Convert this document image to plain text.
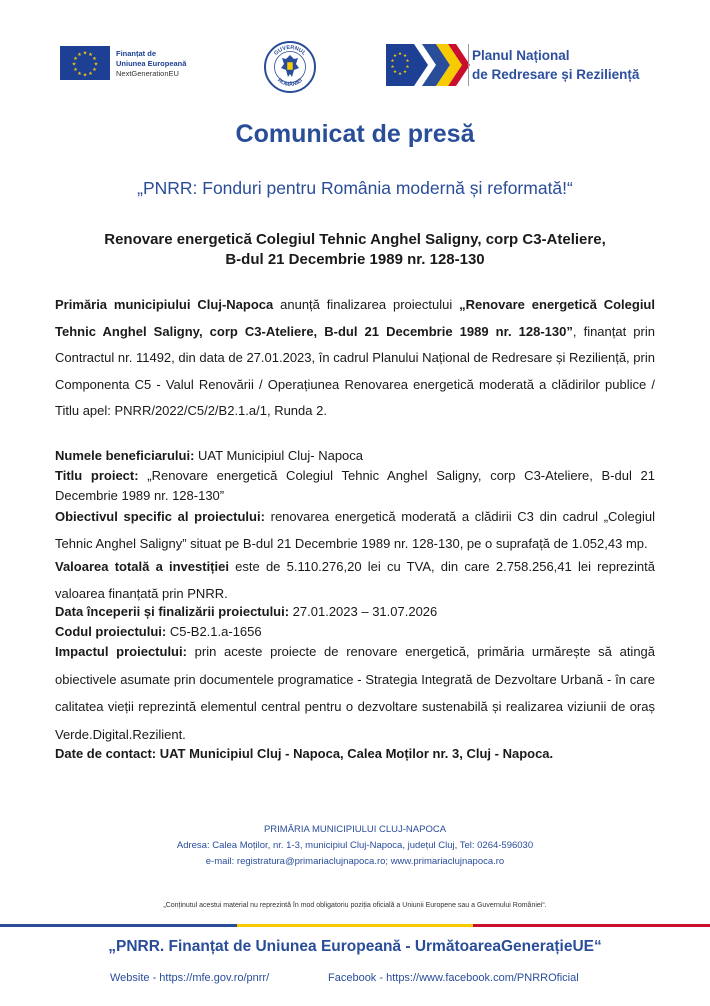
★ ★
★
★
★
★
★
★
★
★
★
★	Finanțat de
Uniunea Europeană
NextGenerationEU
GUVERNUL
ROMÂNIEI
★ ★
★
★
★
★
★
★
★
★	Planul Național
de Redresare și Reziliență
Comunicat de presă
„PNRR: Fonduri pentru România modernă și reformată!“
Renovare energetică Colegiul Tehnic Anghel Saligny, corp C3-Ateliere,
B-dul 21 Decembrie 1989 nr. 128-130
Primăria municipiului Cluj-Napoca anunță finalizarea proiectului „Renovare energetică Colegiul Tehnic Anghel Saligny, corp C3-Ateliere, B-dul 21 Decembrie 1989 nr. 128-130”, finanțat prin Contractul nr. 11492, din data de 27.01.2023, în cadrul Planului Național de Redresare și Reziliență, prin Componenta C5 - Valul Renovării / Operațiunea Renovarea energetică moderată a clădirilor publice / Titlu apel: PNRR/2022/C5/2/B2.1.a/1, Runda 2.
Numele beneficiarului: UAT Municipiul Cluj- Napoca
Titlu proiect: „Renovare energetică Colegiul Tehnic Anghel Saligny, corp C3-Ateliere, B-dul 21 Decembrie 1989 nr. 128-130”
Obiectivul specific al proiectului: renovarea energetică moderată a clădirii C3 din cadrul „Colegiul Tehnic Anghel Saligny” situat pe B-dul 21 Decembrie 1989 nr. 128-130, pe o suprafață de 1.052,43 mp.
Valoarea totală a investiției este de 5.110.276,20 lei cu TVA, din care 2.758.256,41 lei reprezintă valoarea finanțată prin PNRR.
Data începerii și finalizării proiectului: 27.01.2023 – 31.07.2026
Codul proiectului: C5-B2.1.a-1656
Impactul proiectului: prin aceste proiecte de renovare energetică, primăria urmărește să atingă obiectivele asumate prin documentele programatice - Strategia Integrată de Dezvoltare Urbană - în care calitatea vieții reprezintă elementul central pentru o dezvoltare sustenabilă și realizarea viziunii de oraș Verde.Digital.Rezilient.
Date de contact: UAT Municipiul Cluj - Napoca, Calea Moților nr. 3, Cluj - Napoca.
PRIMĂRIA MUNICIPIULUI CLUJ-NAPOCA
Adresa: Calea Moților, nr. 1-3, municipiul Cluj-Napoca, județul Cluj, Tel: 0264-596030
e-mail: registratura@primariaclujnapoca.ro; www.primariaclujnapoca.ro
„Conținutul acestui material nu reprezintă în mod obligatoriu poziția oficială a Uniunii Europene sau a Guvernului României“.
„PNRR. Finanțat de Uniunea Europeană - UrmătoareaGenerațieUE“
Website - https://mfe.gov.ro/pnrr/	Facebook - https://www.facebook.com/PNRROficial
